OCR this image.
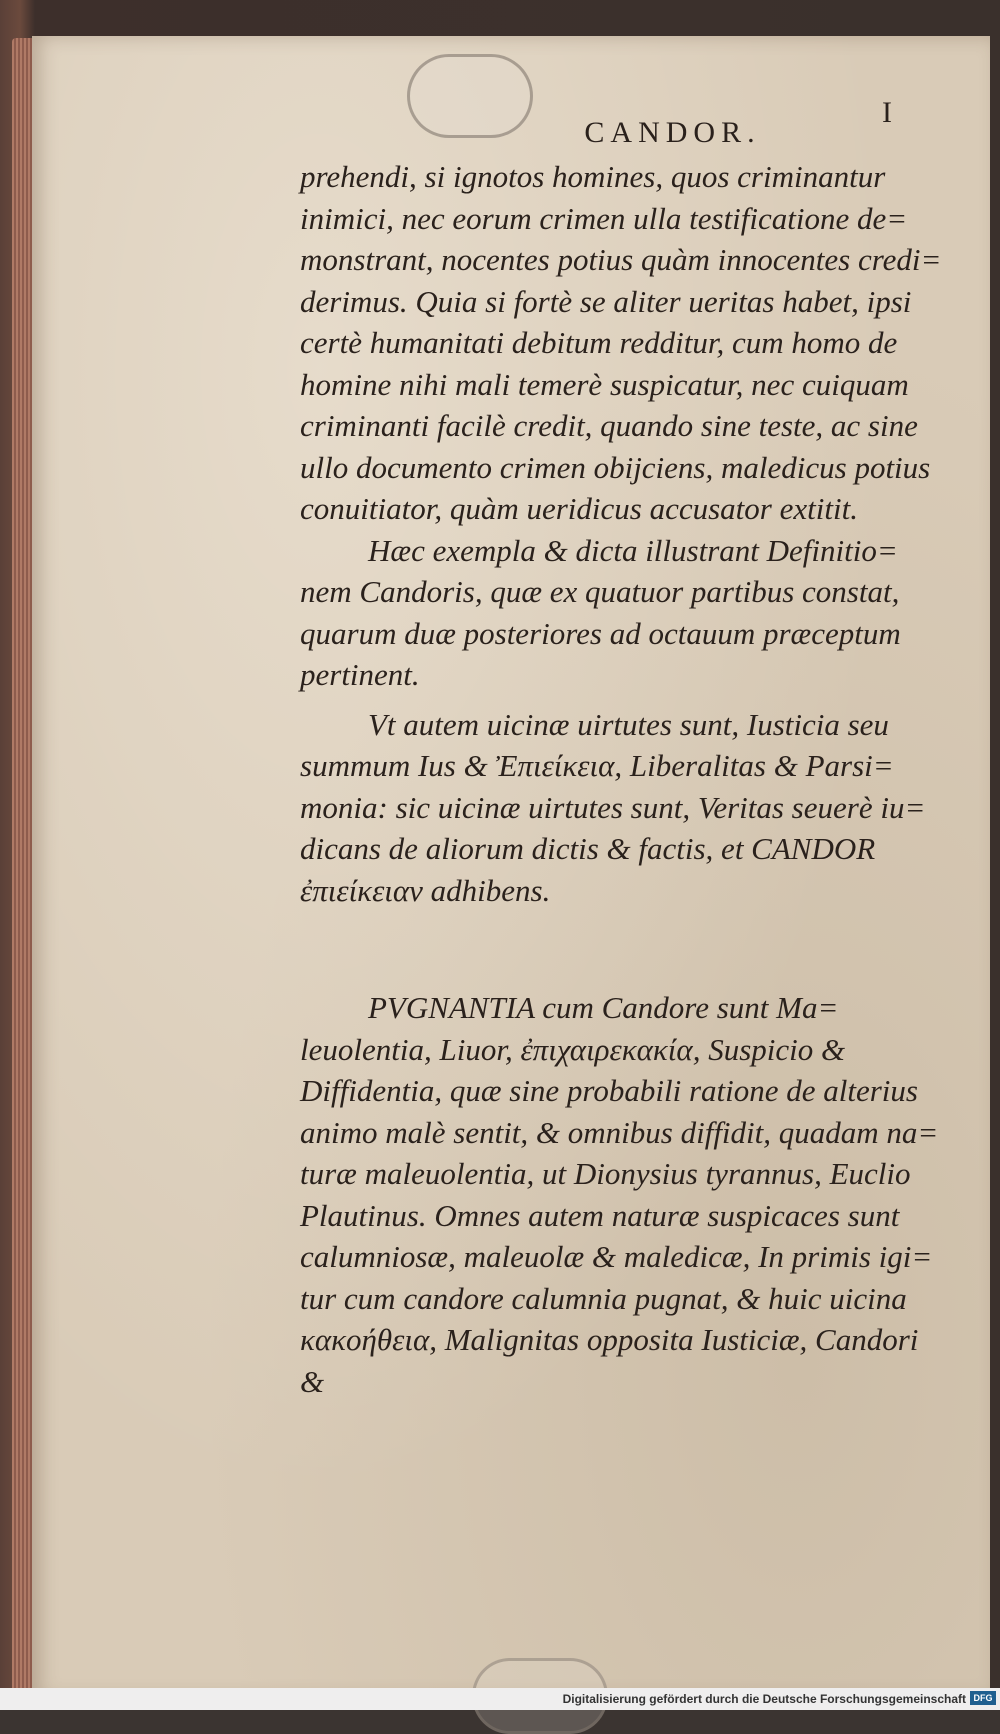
I
CANDOR.
prehendi, si ignotos homines, quos criminantur
inimici, nec eorum crimen ulla testificatione de=
monstrant, nocentes potius quàm innocentes credi=
derimus. Quia si fortè se aliter ueritas habet, ipsi
certè humanitati debitum redditur, cum homo de
homine nihi mali temerè suspicatur, nec cuiquam
criminanti facilè credit, quando sine teste, ac sine
ullo documento crimen obijciens, maledicus potius
conuitiator, quàm ueridicus accusator extitit.
Hæc exempla & dicta illustrant Definitio=
nem Candoris, quæ ex quatuor partibus constat,
quarum duæ posteriores ad octauum præceptum
pertinent.
Vt autem uicinæ uirtutes sunt, Iusticia seu
summum Ius & Ἐπιείκεια, Liberalitas & Parsi=
monia: sic uicinæ uirtutes sunt, Veritas seuerè iu=
dicans de aliorum dictis & factis, et CANDOR
ἐπιείκειαν adhibens.
PVGNANTIA cum Candore sunt Ma=
leuolentia, Liuor, ἐπιχαιρεκακία, Suspicio &
Diffidentia, quæ sine probabili ratione de alterius
animo malè sentit, & omnibus diffidit, quadam na=
turæ maleuolentia, ut Dionysius tyrannus, Euclio
Plautinus. Omnes autem naturæ suspicaces sunt
calumniosæ, maleuolæ & maledicæ, In primis igi=
tur cum candore calumnia pugnat, & huic uicina
κακοήθεια, Malignitas opposita Iusticiæ, Candori
&
Digitalisierung gefördert durch die Deutsche Forschungsgemeinschaft DFG
